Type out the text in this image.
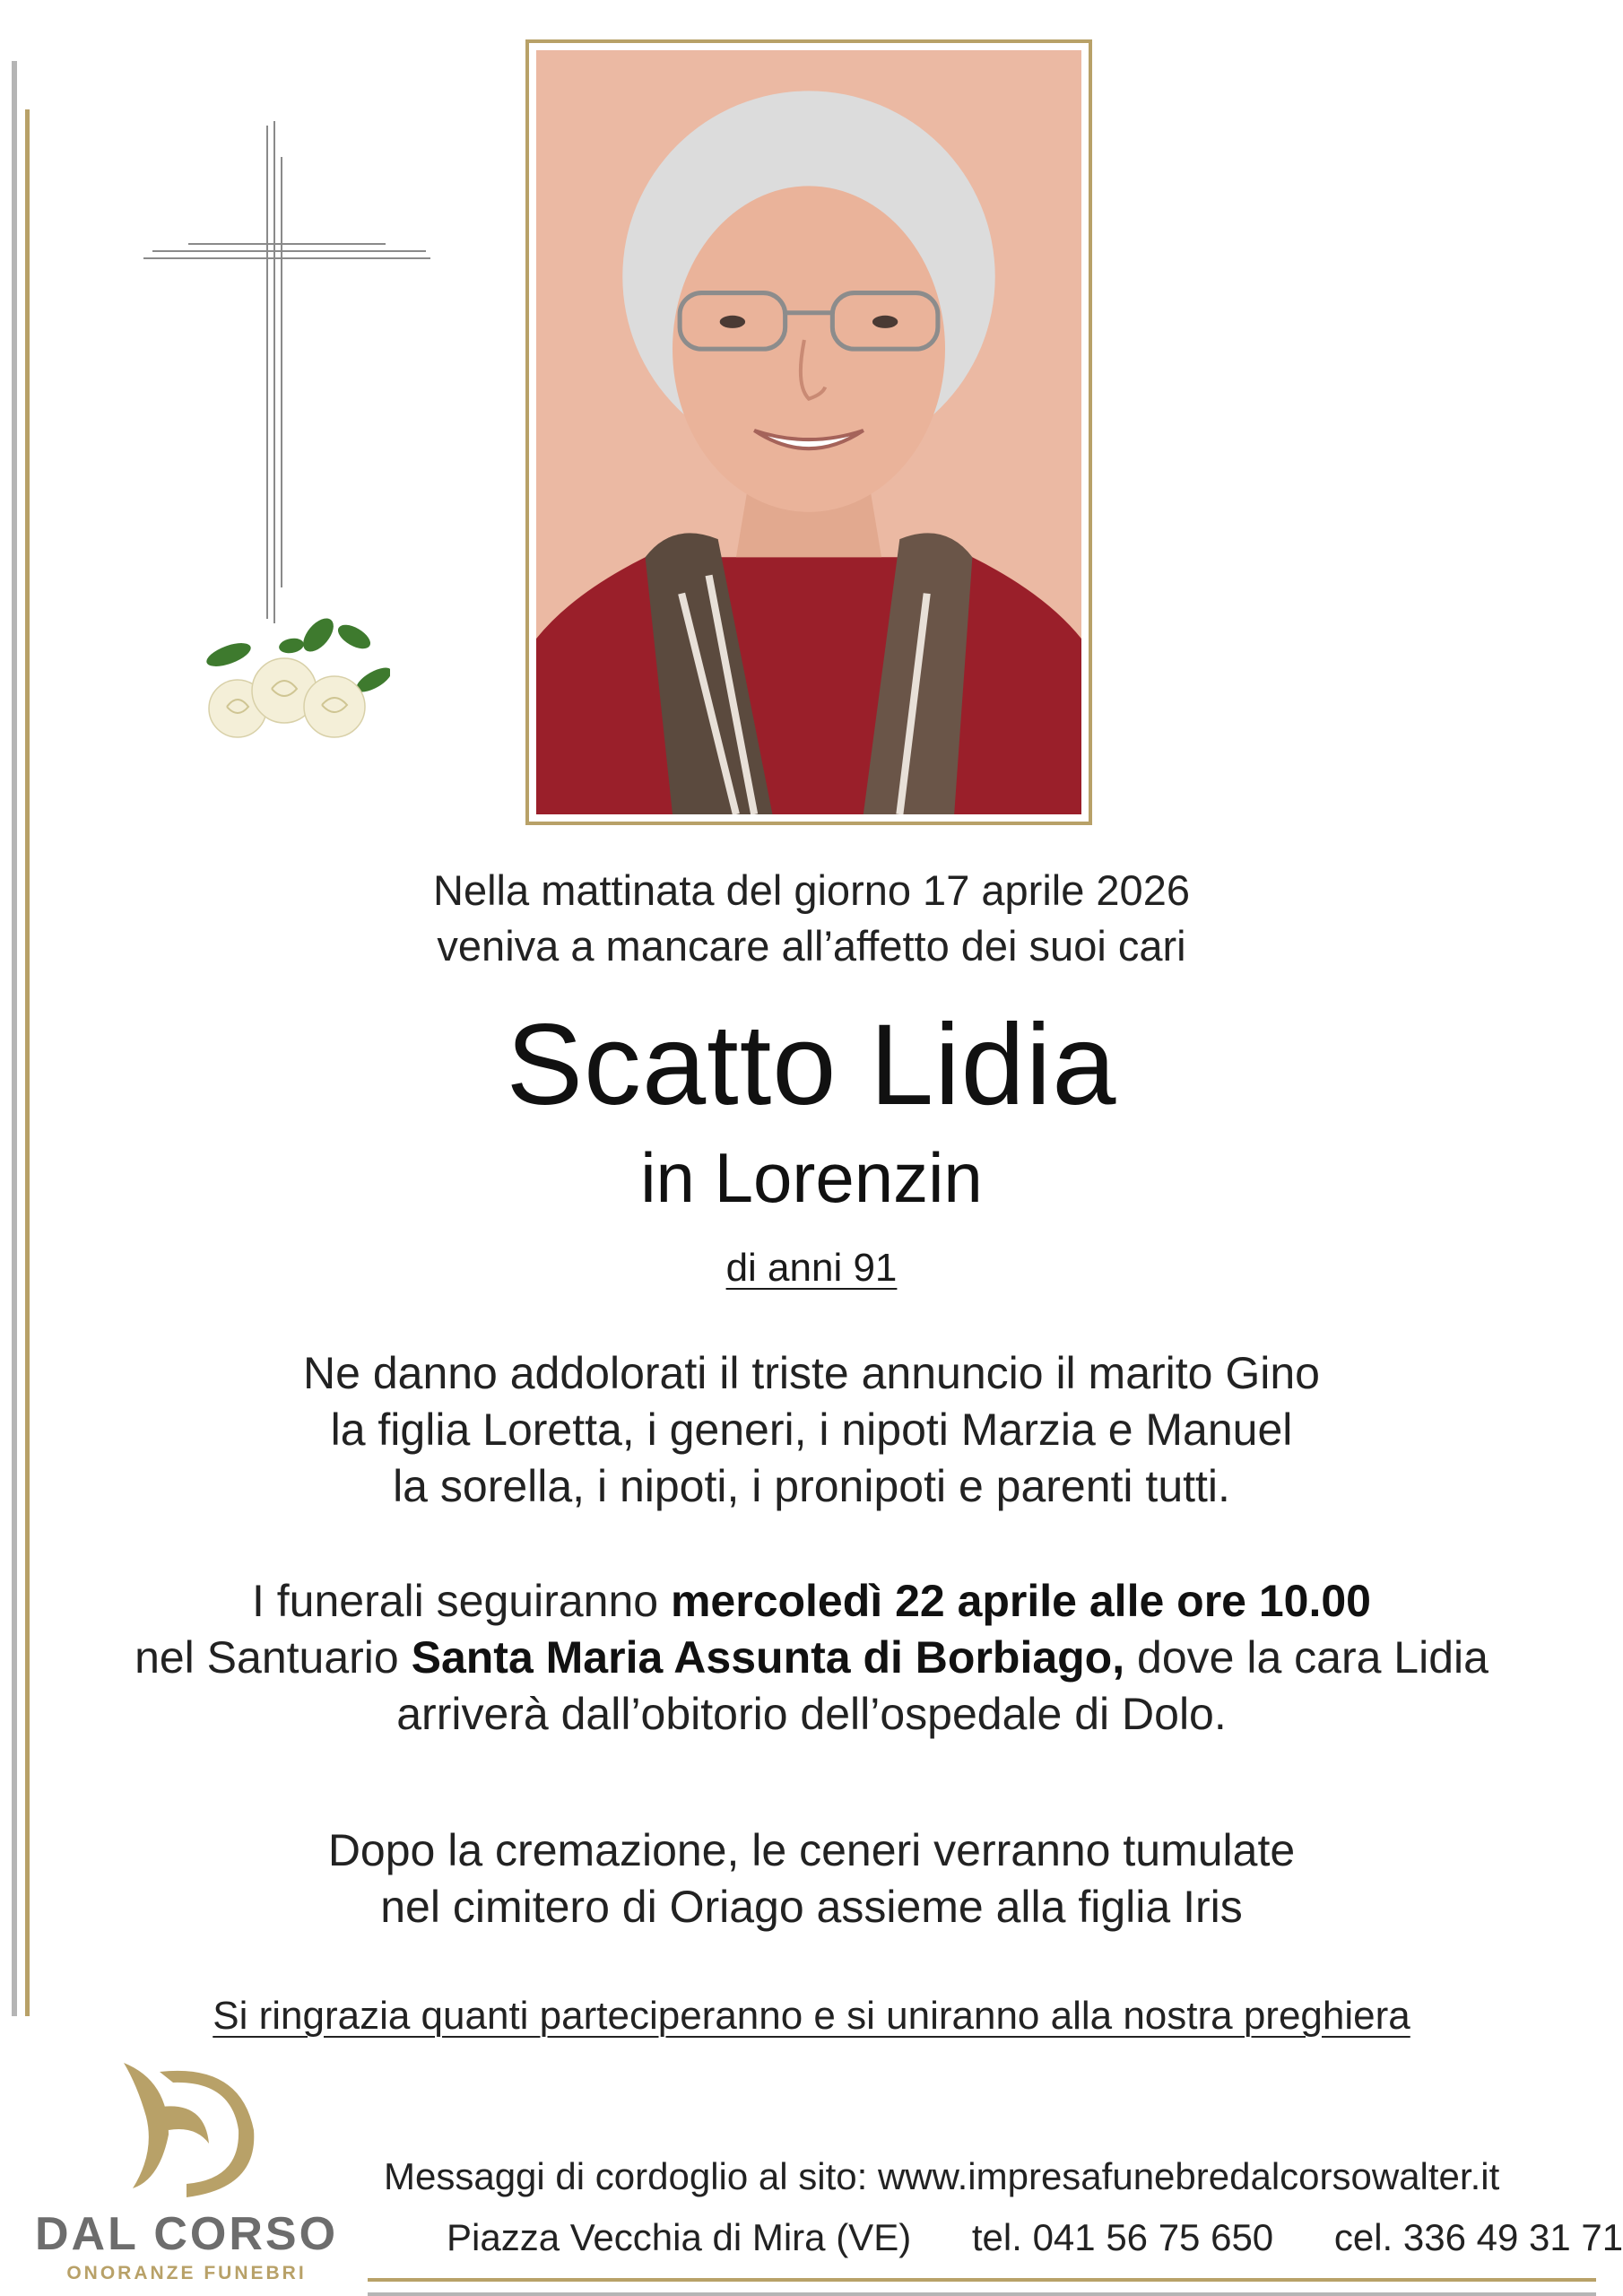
Nella mattinata del giorno 17 aprile 2026
veniva a mancare all’affetto dei suoi cari
Scatto Lidia
in Lorenzin
di anni 91
Ne danno addolorati il triste annuncio il marito Gino
la figlia Loretta, i generi, i nipoti Marzia e Manuel
la sorella, i nipoti, i pronipoti e parenti tutti.
I funerali seguiranno mercoledì 22 aprile alle ore 10.00
nel Santuario Santa Maria Assunta di Borbiago, dove la cara Lidia
arriverà dall’obitorio dell’ospedale di Dolo.
Dopo la cremazione, le ceneri verranno tumulate
nel cimitero di Oriago assieme alla figlia Iris
Si ringrazia quanti parteciperanno e si uniranno alla nostra preghiera
Messaggi di cordoglio al sito: www.impresafunebredalcorsowalter.it
Piazza Vecchia di Mira (VE) tel. 041 56 75 650 cel. 336 49 31 71
DAL CORSO
ONORANZE FUNEBRI
